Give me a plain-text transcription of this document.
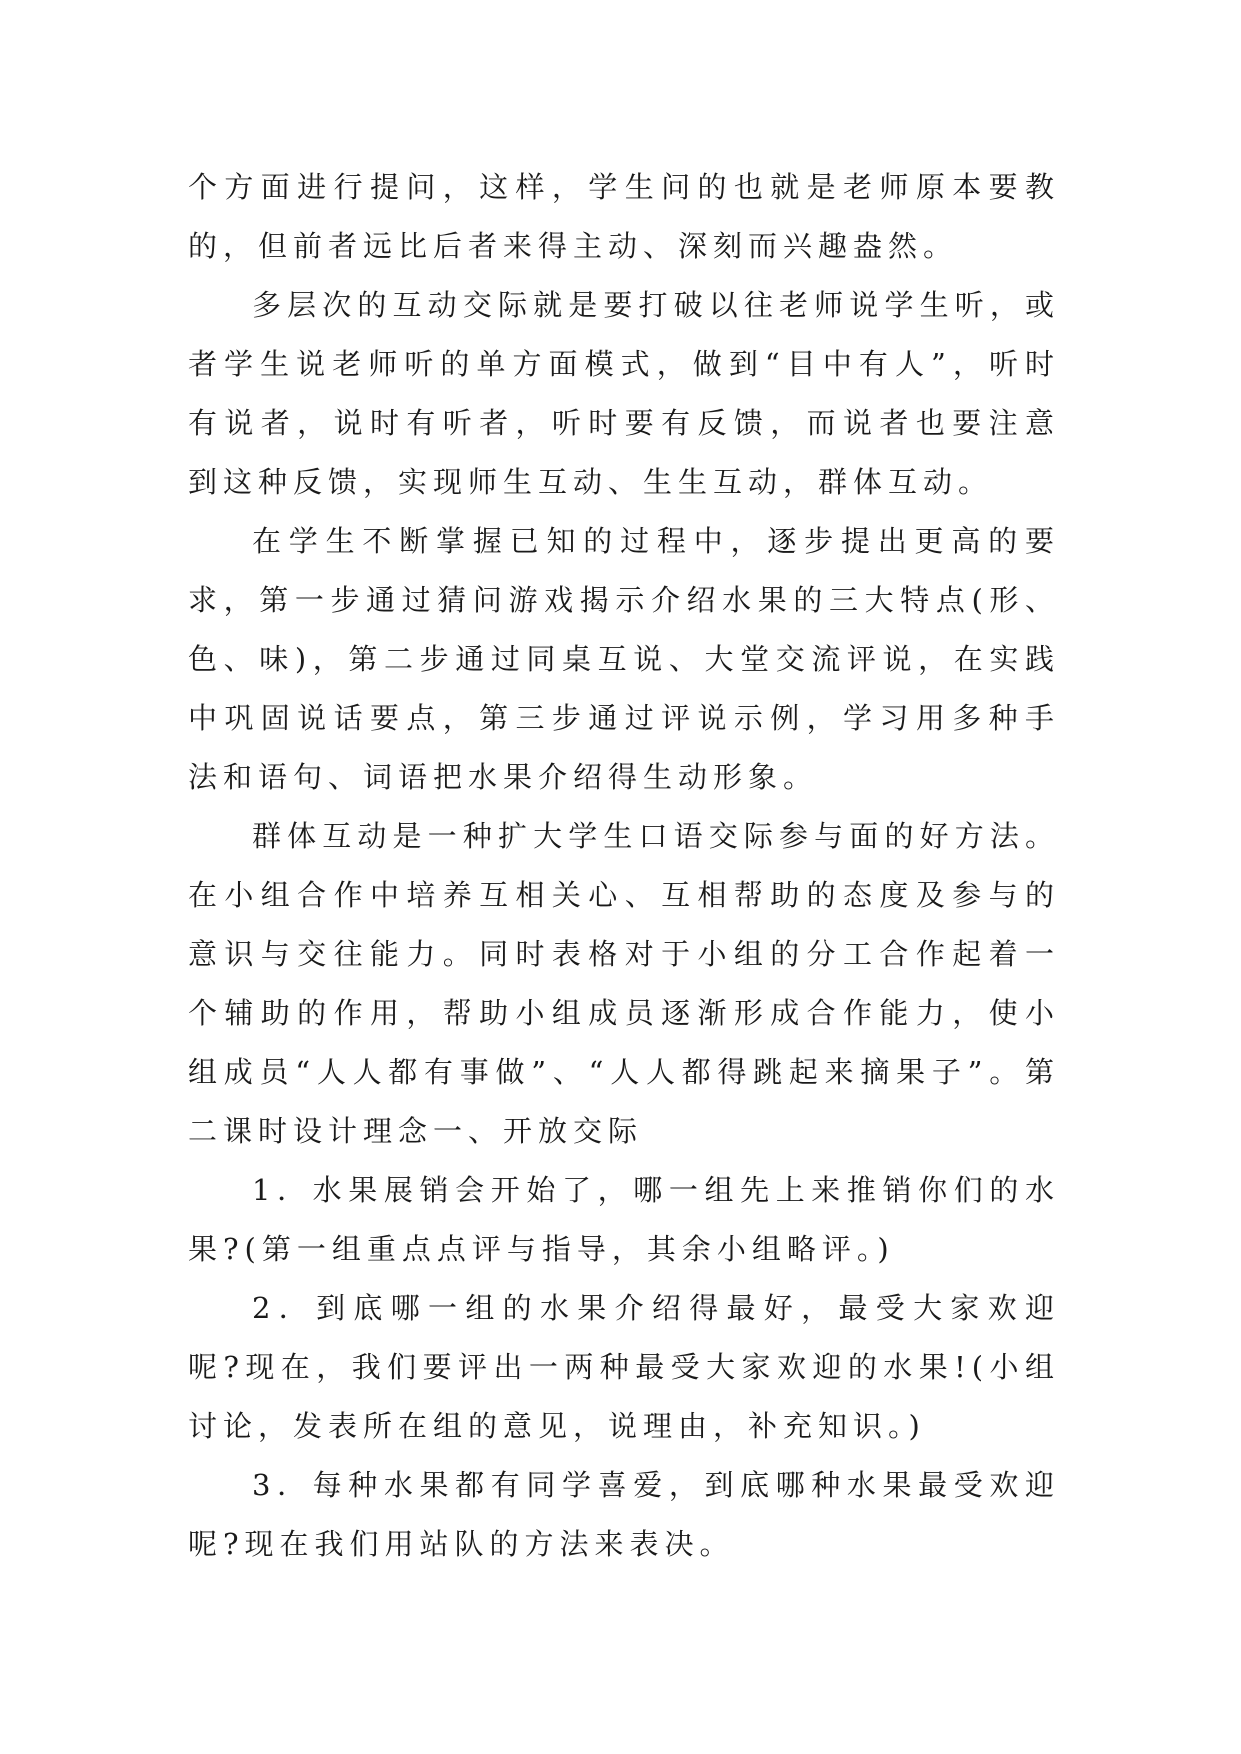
个方面进行提问，这样，学生问的也就是老师原本要教的，但前者远比后者来得主动、深刻而兴趣盎然。

多层次的互动交际就是要打破以往老师说学生听，或者学生说老师听的单方面模式，做到“目中有人”，听时有说者，说时有听者，听时要有反馈，而说者也要注意到这种反馈，实现师生互动、生生互动，群体互动。

在学生不断掌握已知的过程中，逐步提出更高的要求，第一步通过猜问游戏揭示介绍水果的三大特点(形、色、味)，第二步通过同桌互说、大堂交流评说，在实践中巩固说话要点，第三步通过评说示例，学习用多种手法和语句、词语把水果介绍得生动形象。

群体互动是一种扩大学生口语交际参与面的好方法。在小组合作中培养互相关心、互相帮助的态度及参与的意识与交往能力。同时表格对于小组的分工合作起着一个辅助的作用，帮助小组成员逐渐形成合作能力，使小组成员“人人都有事做”、“人人都得跳起来摘果子”。第二课时设计理念一、开放交际

1．水果展销会开始了，哪一组先上来推销你们的水果?(第一组重点点评与指导，其余小组略评。)

2．到底哪一组的水果介绍得最好，最受大家欢迎呢?现在，我们要评出一两种最受大家欢迎的水果!(小组讨论，发表所在组的意见，说理由，补充知识。)

3．每种水果都有同学喜爱，到底哪种水果最受欢迎呢?现在我们用站队的方法来表决。
